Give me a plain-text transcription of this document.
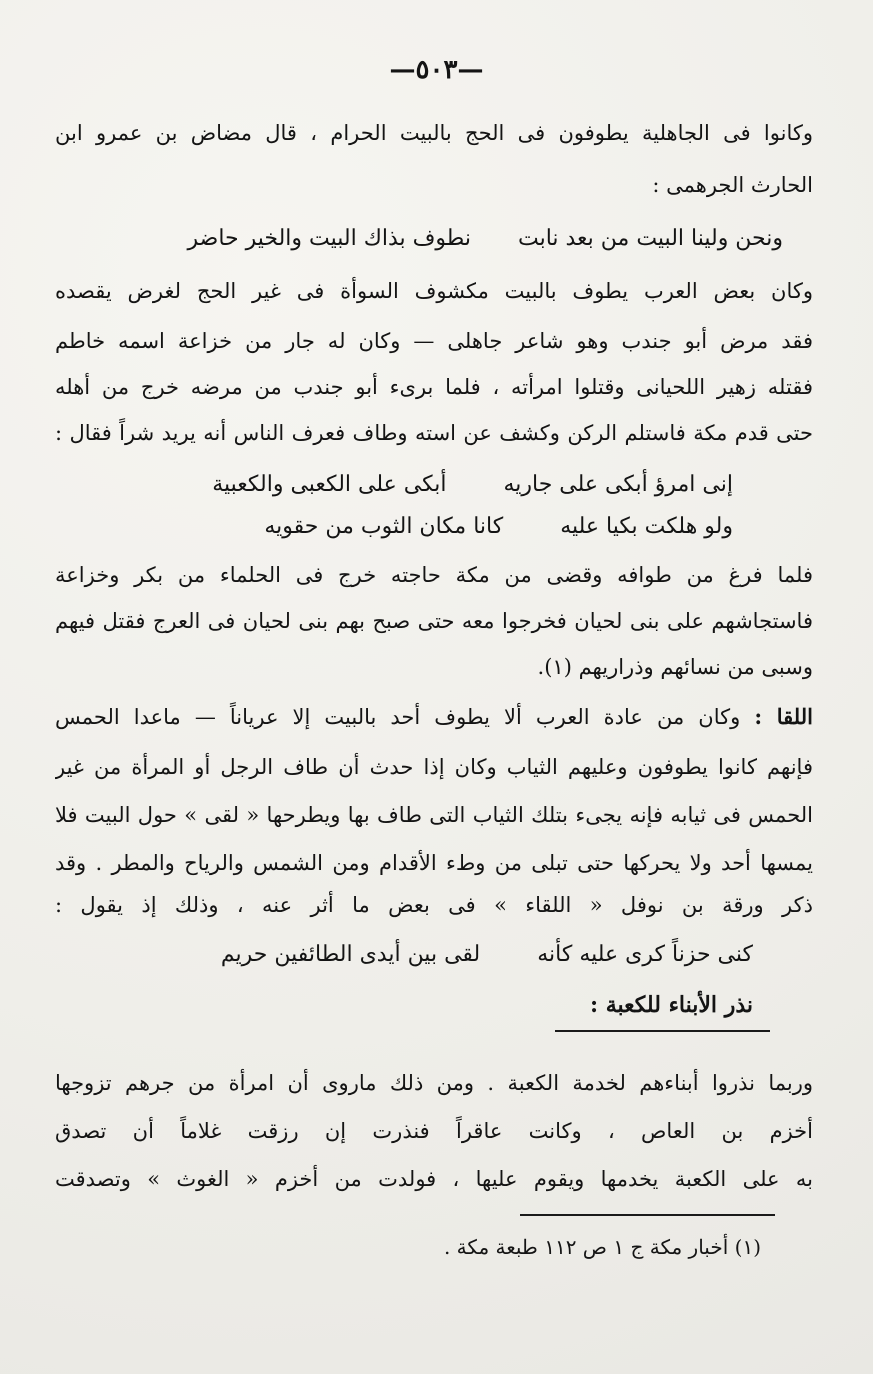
—٥٠٣—
وكانوا فى الجاهلية يطوفون فى الحج بالبيت الحرام ، قال مضاض بن عمرو ابن
الحارث الجرهمى :
ونحن ولينا البيت من بعد نابت نطوف بذاك البيت والخير حاضر
وكان بعض العرب يطوف بالبيت مكشوف السوأة فى غير الحج لغرض يقصده
فقد مرض أبو جندب وهو شاعر جاهلى — وكان له جار من خزاعة اسمه خاطم
فقتله زهير اللحيانى وقتلوا امرأته ، فلما برىء أبو جندب من مرضه خرج من أهله
حتى قدم مكة فاستلم الركن وكشف عن استه وطاف فعرف الناس أنه يريد شراً فقال :
إنى امرؤ أبكى على جاريه أبكى على الكعبى والكعبية
ولو هلكت بكيا عليه كانا مكان الثوب من حقويه
فلما فرغ من طوافه وقضى من مكة حاجته خرج فى الحلماء من بكر وخزاعة
فاستجاشهم على بنى لحيان فخرجوا معه حتى صبح بهم بنى لحيان فى العرج فقتل فيهم
وسبى من نسائهم وذراريهم (١).
اللقا : وكان من عادة العرب ألا يطوف أحد بالبيت إلا عرياناً — ماعدا الحمس
فإنهم كانوا يطوفون وعليهم الثياب وكان إذا حدث أن طاف الرجل أو المرأة من غير
الحمس فى ثيابه فإنه يجىء بتلك الثياب التى طاف بها ويطرحها « لقى » حول البيت فلا
يمسها أحد ولا يحركها حتى تبلى من وطء الأقدام ومن الشمس والرياح والمطر . وقد
ذكر ورقة بن نوفل « اللقاء » فى بعض ما أثر عنه ، وذلك إذ يقول :
كنى حزناً كرى عليه كأنه لقى بين أيدى الطائفين حريم
نذر الأبناء للكعبة :
وربما نذروا أبناءهم لخدمة الكعبة . ومن ذلك ماروى أن امرأة من جرهم تزوجها
أخزم بن العاص ، وكانت عاقراً فنذرت إن رزقت غلاماً أن تصدق
به على الكعبة يخدمها ويقوم عليها ، فولدت من أخزم « الغوث » وتصدقت
(١) أخبار مكة ج ١ ص ١١٢ طبعة مكة .
